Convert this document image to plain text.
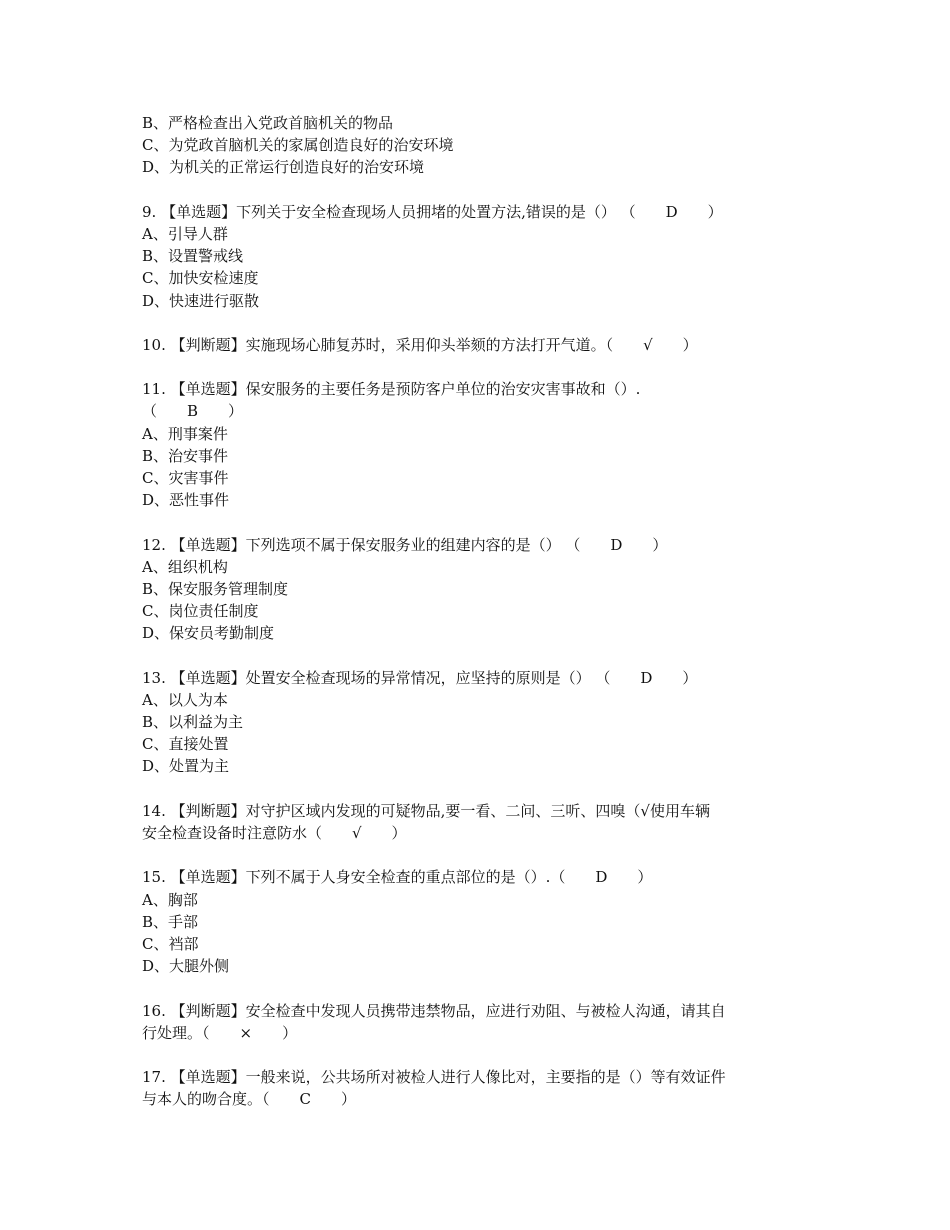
B、严格检查出入党政首脑机关的物品
C、为党政首脑机关的家属创造良好的治安环境
D、为机关的正常运行创造良好的治安环境
9. 【单选题】下列关于安全检查现场人员拥堵的处置方法,错误的是（） （　　D　　）
A、引导人群
B、设置警戒线
C、加快安检速度
D、快速进行驱散
10. 【判断题】实施现场心肺复苏时，采用仰头举颏的方法打开气道。（　　√　　）
11. 【单选题】保安服务的主要任务是预防客户单位的治安灾害事故和（）.
（　　B　　）
A、刑事案件
B、治安事件
C、灾害事件
D、恶性事件
12. 【单选题】下列选项不属于保安服务业的组建内容的是（） （　　D　　）
A、组织机构
B、保安服务管理制度
C、岗位责任制度
D、保安员考勤制度
13. 【单选题】处置安全检查现场的异常情况，应坚持的原则是（） （　　D　　）
A、以人为本
B、以利益为主
C、直接处置
D、处置为主
14. 【判断题】对守护区域内发现的可疑物品,要一看、二问、三听、四嗅（√使用车辆
安全检查设备时注意防水（　　√　　）
15. 【单选题】下列不属于人身安全检查的重点部位的是（）.（　　D　　）
A、胸部
B、手部
C、裆部
D、大腿外侧
16. 【判断题】安全检查中发现人员携带违禁物品，应进行劝阻、与被检人沟通，请其自
行处理。（　　×　　）
17. 【单选题】一般来说，公共场所对被检人进行人像比对，主要指的是（）等有效证件
与本人的吻合度。（　　C　　）
